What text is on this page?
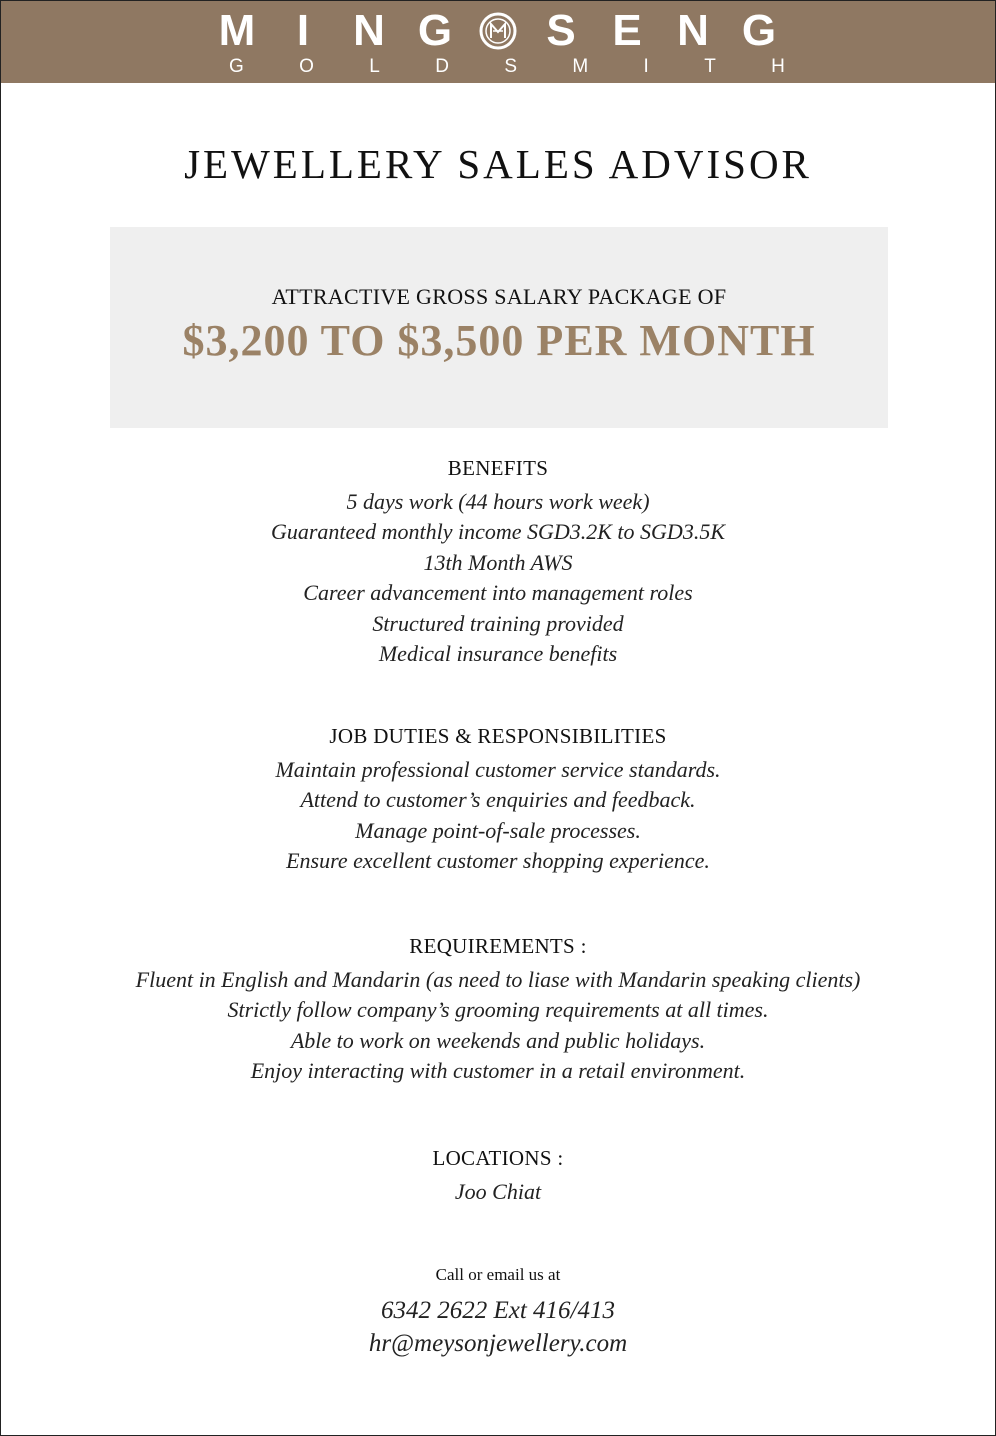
M I	N G	S E N G
G	O	L	D	S	M	I	T	H
JEWELLERY SALES ADVISOR
ATTRACTIVE GROSS SALARY PACKAGE OF
$3,200 TO $3,500 PER MONTH
BENEFITS
5 days work (44 hours work week)
Guaranteed monthly income SGD3.2K to SGD3.5K
13th Month AWS
Career advancement into management roles
Structured training provided
Medical insurance benefits
JOB DUTIES & RESPONSIBILITIES
Maintain professional customer service standards.
Attend to customer’s enquiries and feedback.
Manage point-of-sale processes.
Ensure excellent customer shopping experience.
REQUIREMENTS :
Fluent in English and Mandarin (as need to liase with Mandarin speaking clients)
Strictly follow company’s grooming requirements at all times.
Able to work on weekends and public holidays.
Enjoy interacting with customer in a retail environment.
LOCATIONS :
Joo Chiat
Call or email us at
6342 2622 Ext 416/413
hr@meysonjewellery.com
